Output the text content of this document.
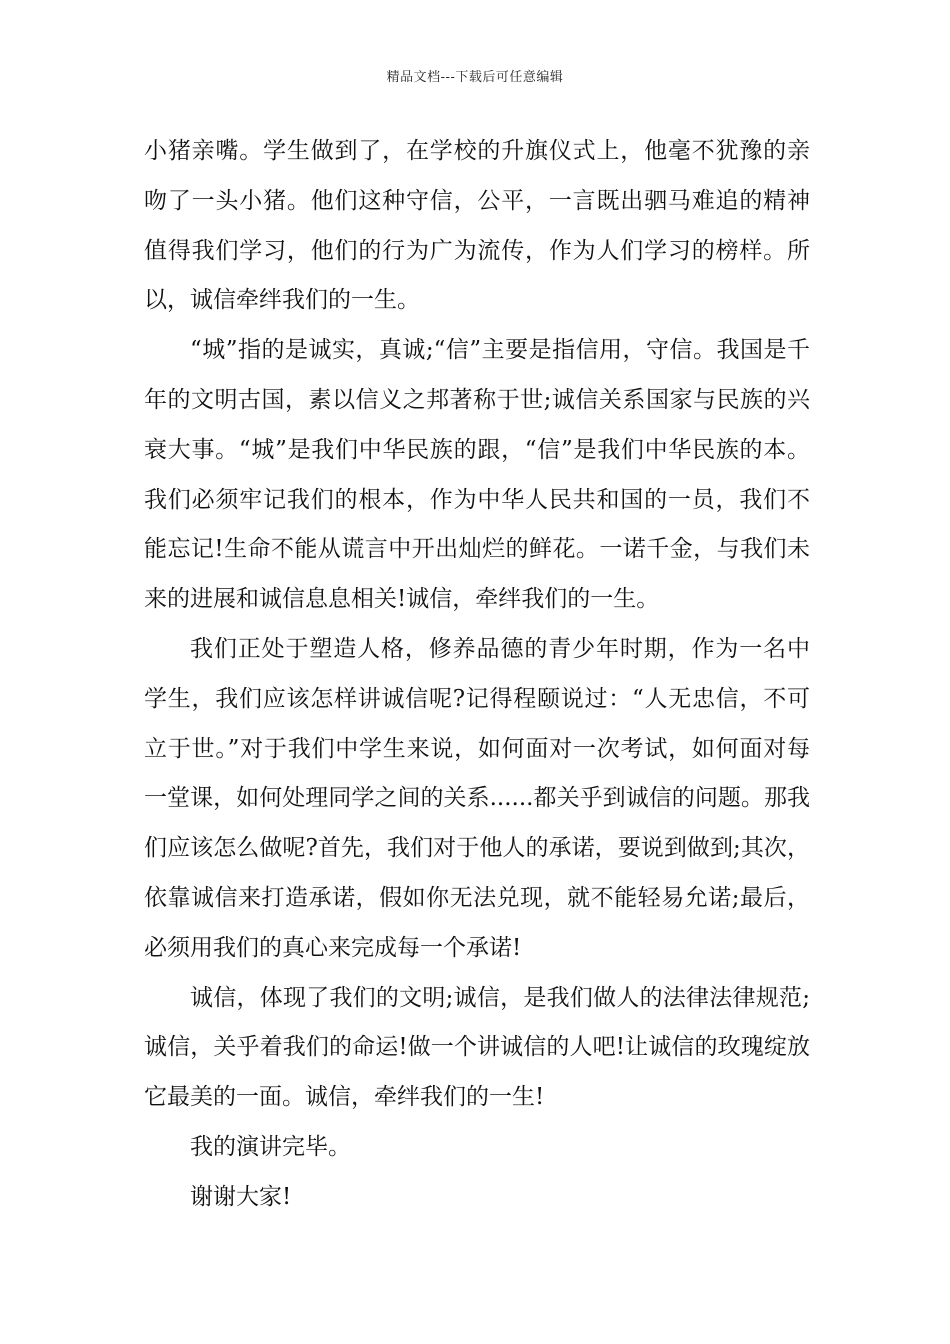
精品文档---下载后可任意编辑

小猪亲嘴。学生做到了，在学校的升旗仪式上，他毫不犹豫的亲吻了一头小猪。他们这种守信，公平，一言既出驷马难追的精神值得我们学习，他们的行为广为流传，作为人们学习的榜样。所以，诚信牵绊我们的一生。

“城”指的是诚实，真诚;“信”主要是指信用，守信。我国是千年的文明古国，素以信义之邦著称于世;诚信关系国家与民族的兴衰大事。“城”是我们中华民族的跟，“信”是我们中华民族的本。我们必须牢记我们的根本，作为中华人民共和国的一员，我们不能忘记!生命不能从谎言中开出灿烂的鲜花。一诺千金，与我们未来的进展和诚信息息相关!诚信，牵绊我们的一生。

我们正处于塑造人格，修养品德的青少年时期，作为一名中学生，我们应该怎样讲诚信呢?记得程颐说过：“人无忠信，不可立于世。”对于我们中学生来说，如何面对一次考试，如何面对每一堂课，如何处理同学之间的关系......都关乎到诚信的问题。那我们应该怎么做呢?首先，我们对于他人的承诺，要说到做到;其次，依靠诚信来打造承诺，假如你无法兑现，就不能轻易允诺;最后，必须用我们的真心来完成每一个承诺!

诚信，体现了我们的文明;诚信，是我们做人的法律法律规范;诚信，关乎着我们的命运!做一个讲诚信的人吧!让诚信的玫瑰绽放它最美的一面。诚信，牵绊我们的一生!

我的演讲完毕。

谢谢大家!
